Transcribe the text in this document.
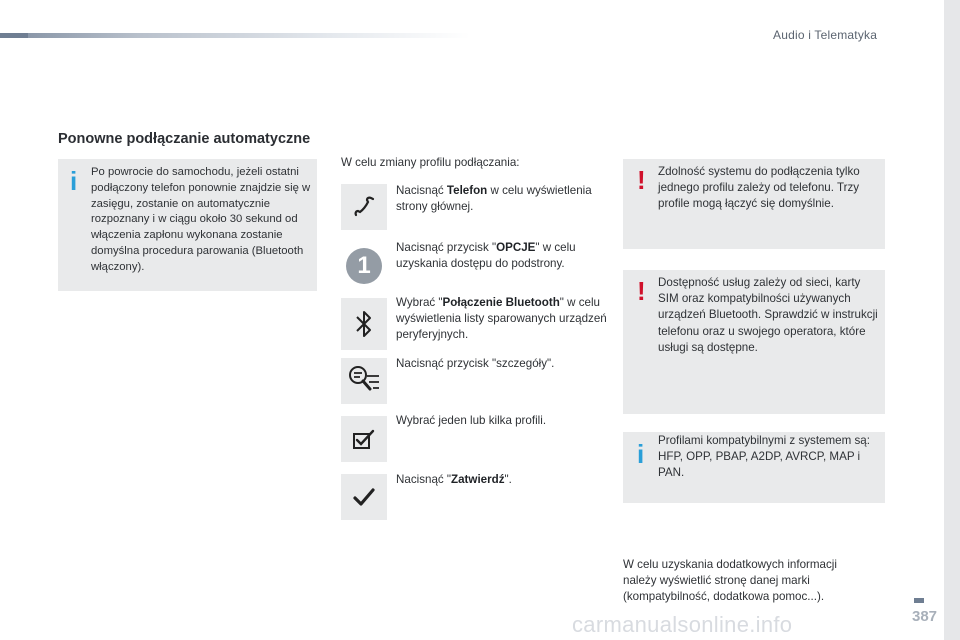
Audio i Telematyka
Ponowne podłączanie automatyczne
i Po powrocie do samochodu, jeżeli ostatni podłączony telefon ponownie znajdzie się w zasięgu, zostanie on automatycznie rozpoznany i w ciągu około 30 sekund od włączenia zapłonu wykonana zostanie domyślna procedura parowania (Bluetooth włączony).
W celu zmiany profilu podłączania:
Nacisnąć Telefon w celu wyświetlenia strony głównej.
1
Nacisnąć przycisk "OPCJE" w celu uzyskania dostępu do podstrony.
Wybrać "Połączenie Bluetooth" w celu wyświetlenia listy sparowanych urządzeń peryferyjnych.
Nacisnąć przycisk "szczegóły".
Wybrać jeden lub kilka profili.
Nacisnąć "Zatwierdź".
! Zdolność systemu do podłączenia tylko jednego profilu zależy od telefonu. Trzy profile mogą łączyć się domyślnie.
! Dostępność usług zależy od sieci, karty SIM oraz kompatybilności używanych urządzeń Bluetooth. Sprawdzić w instrukcji telefonu oraz u swojego operatora, które usługi są dostępne.
i Profilami kompatybilnymi z systemem są: HFP, OPP, PBAP, A2DP, AVRCP, MAP i PAN.
W celu uzyskania dodatkowych informacji należy wyświetlić stronę danej marki (kompatybilność, dodatkowa pomoc...).
carmanualsonline.info	387
